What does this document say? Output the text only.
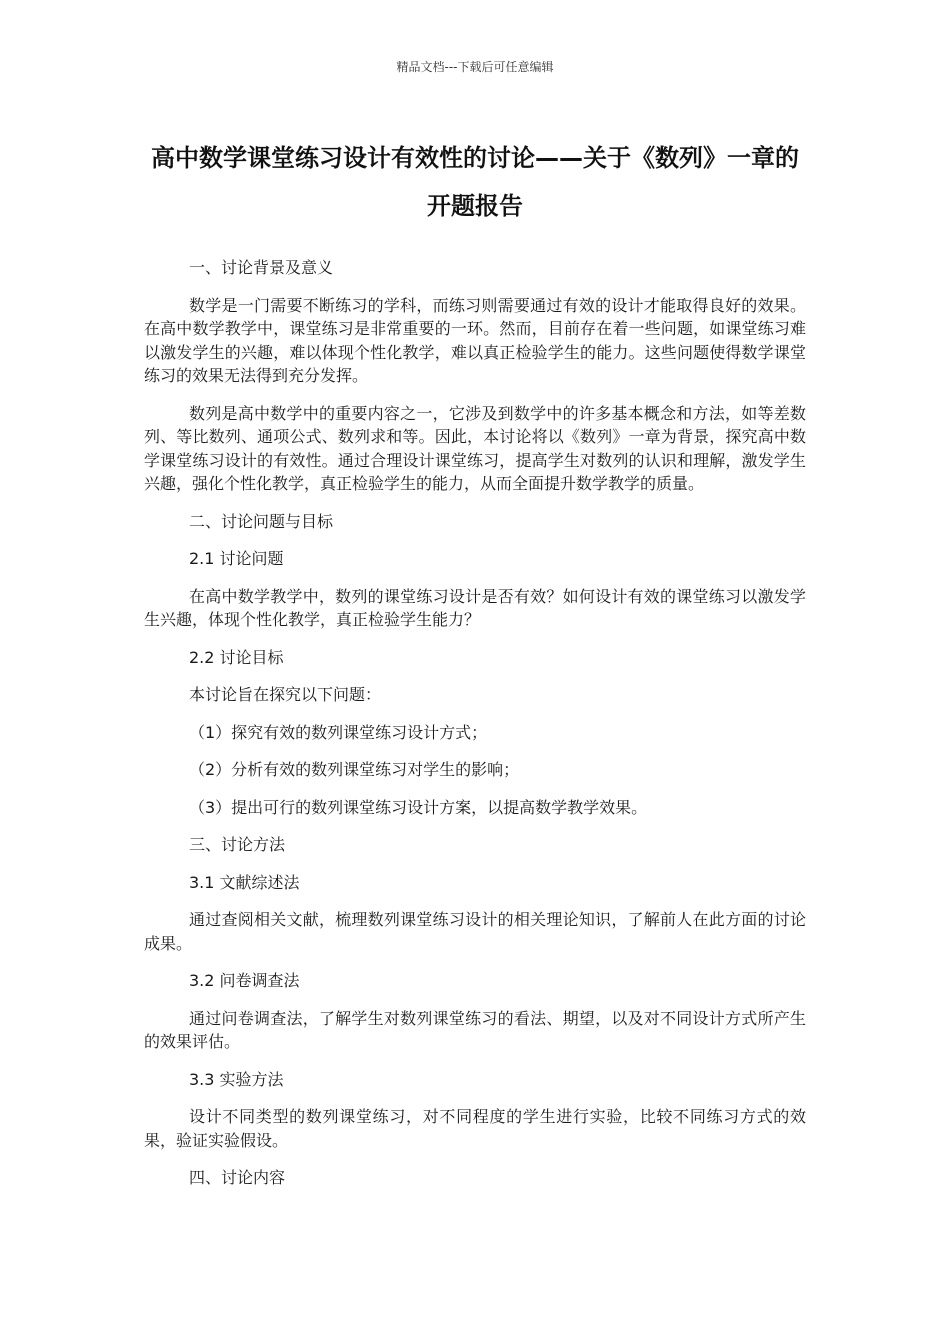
精品文档---下载后可任意编辑
高中数学课堂练习设计有效性的讨论——关于《数列》一章的开题报告

一、讨论背景及意义

数学是一门需要不断练习的学科，而练习则需要通过有效的设计才能取得良好的效果。在高中数学教学中，课堂练习是非常重要的一环。然而，目前存在着一些问题，如课堂练习难以激发学生的兴趣，难以体现个性化教学，难以真正检验学生的能力。这些问题使得数学课堂练习的效果无法得到充分发挥。

数列是高中数学中的重要内容之一，它涉及到数学中的许多基本概念和方法，如等差数列、等比数列、通项公式、数列求和等。因此，本讨论将以《数列》一章为背景，探究高中数学课堂练习设计的有效性。通过合理设计课堂练习，提高学生对数列的认识和理解，激发学生兴趣，强化个性化教学，真正检验学生的能力，从而全面提升数学教学的质量。

二、讨论问题与目标

2.1 讨论问题

在高中数学教学中，数列的课堂练习设计是否有效？如何设计有效的课堂练习以激发学生兴趣，体现个性化教学，真正检验学生能力？

2.2 讨论目标

本讨论旨在探究以下问题：

（1）探究有效的数列课堂练习设计方式；

（2）分析有效的数列课堂练习对学生的影响；

（3）提出可行的数列课堂练习设计方案，以提高数学教学效果。

三、讨论方法

3.1 文献综述法

通过查阅相关文献，梳理数列课堂练习设计的相关理论知识，了解前人在此方面的讨论成果。

3.2 问卷调查法

通过问卷调查法，了解学生对数列课堂练习的看法、期望，以及对不同设计方式所产生的效果评估。

3.3 实验方法

设计不同类型的数列课堂练习，对不同程度的学生进行实验，比较不同练习方式的效果，验证实验假设。

四、讨论内容
